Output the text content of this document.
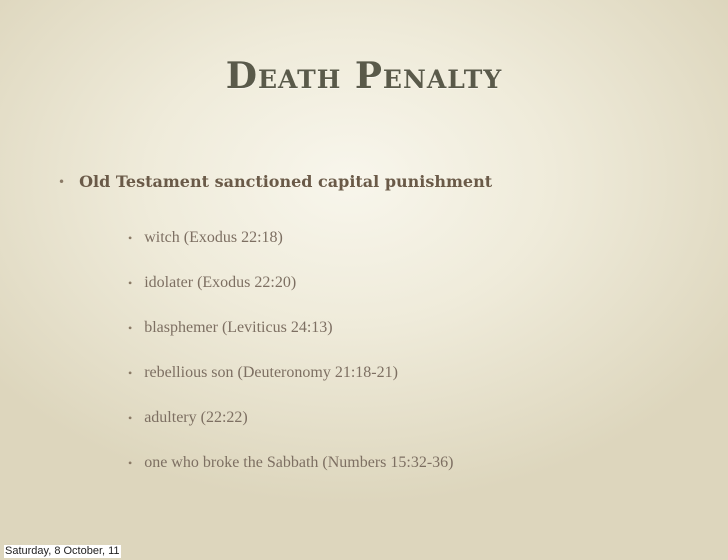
Death Penalty
• Old Testament sanctioned capital punishment
• witch (Exodus 22:18)
• idolater (Exodus 22:20)
• blasphemer (Leviticus 24:13)
• rebellious son (Deuteronomy 21:18-21)
• adultery (22:22)
• one who broke the Sabbath (Numbers 15:32-36)
Saturday, 8 October, 11
